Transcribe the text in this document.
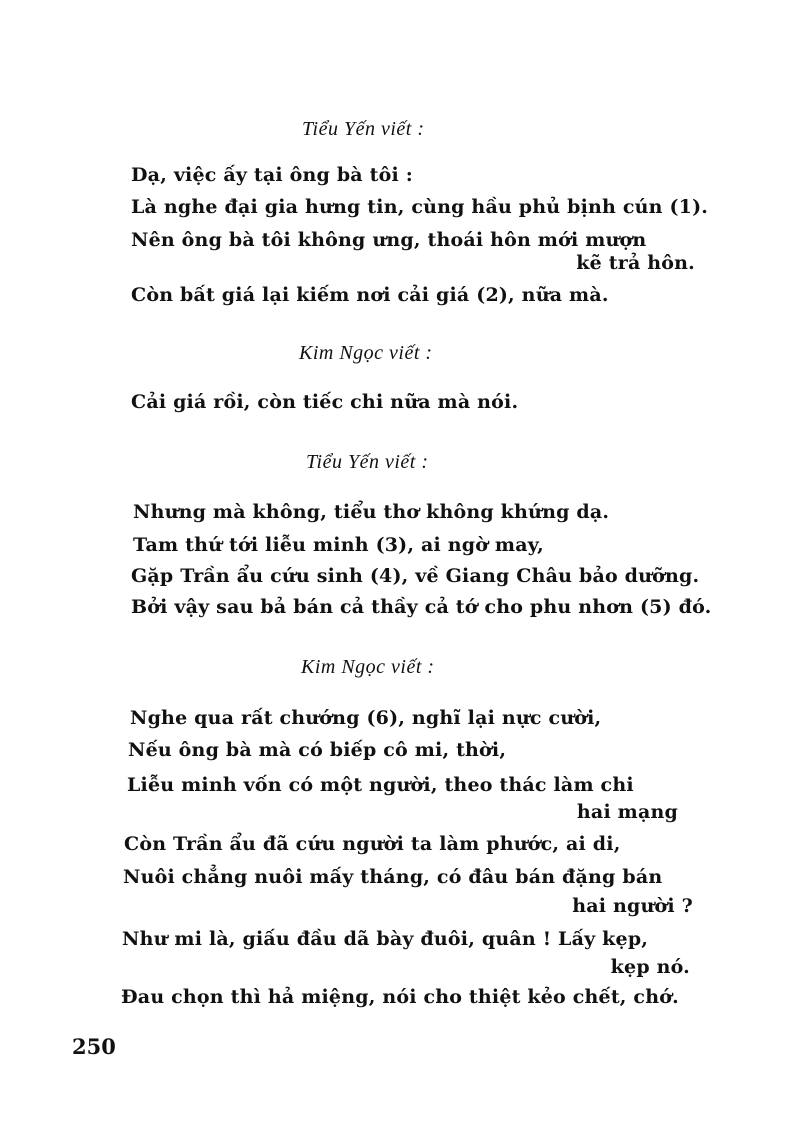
Tiểu Yến viết :
Dạ, việc ấy tại ông bà tôi :
Là nghe đại gia hưng tin, cùng hầu phủ bịnh cún (1).
Nên ông bà tôi không ưng, thoái hôn mới mượn
kẽ trả hôn.
Còn bất giá lại kiếm nơi cải giá (2), nữa mà.
Kim Ngọc viết :
Cải giá rồi, còn tiếc chi nữa mà nói.
Tiểu Yến viết :
Nhưng mà không, tiểu thơ không khứng dạ.
Tam thứ tới liễu minh (3), ai ngờ may,
Gặp Trần ẩu cứu sinh (4), về Giang Châu bảo dưỡng.
Bởi vậy sau bả bán cả thầy cả tớ cho phu nhơn (5) đó.
Kim Ngọc viết :
Nghe qua rất chướng (6), nghĩ lại nực cười,
Nếu ông bà mà có biếp cô mi, thời,
Liễu minh vốn có một người, theo thác làm chi
hai mạng
Còn Trần ẩu đã cứu người ta làm phước, ai di,
Nuôi chẳng nuôi mấy tháng, có đâu bán đặng bán
hai người ?
Như mi là, giấu đầu dã bày đuôi, quân ! Lấy kẹp,
kẹp nó.
Đau chọn thì hả miệng, nói cho thiệt kẻo chết, chớ.
250
